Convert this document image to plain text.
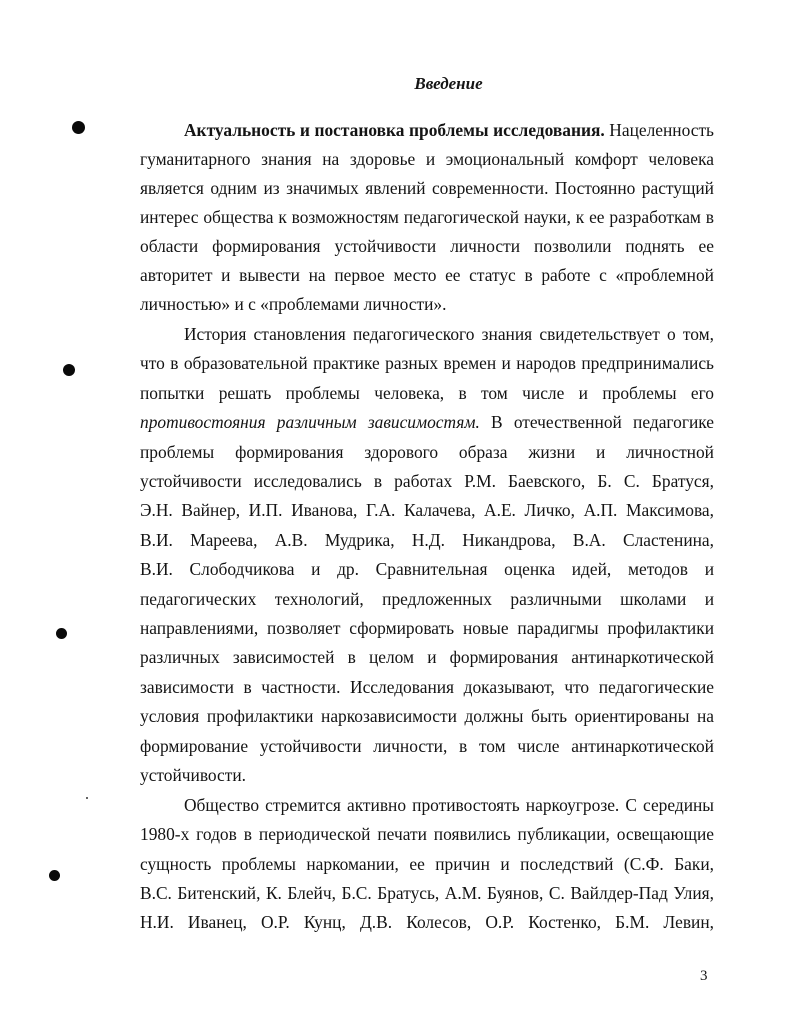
Введение
Актуальность и постановка проблемы исследования. Нацеленность
гуманитарного знания на здоровье и эмоциональный комфорт человека
является одним из значимых явлений современности. Постоянно растущий
интерес общества к возможностям педагогической науки, к ее разработкам в
области формирования устойчивости личности позволили поднять ее
авторитет и вывести на первое место ее статус в работе с «проблемной
личностью» и с «проблемами личности».
История становления педагогического знания свидетельствует о том,
что в образовательной практике разных времен и народов предпринимались
попытки решать проблемы человека, в том числе и проблемы его
противостояния различным зависимостям. В отечественной педагогике
проблемы формирования здорового образа жизни и личностной
устойчивости исследовались в работах Р.М. Баевского, Б. С. Братуся,
Э.Н. Вайнер, И.П. Иванова, Г.А. Калачева, А.Е. Личко, А.П. Максимова,
В.И. Мареева, А.В. Мудрика, Н.Д. Никандрова, В.А. Сластенина,
В.И. Слободчикова и др. Сравнительная оценка идей, методов и
педагогических технологий, предложенных различными школами и
направлениями, позволяет сформировать новые парадигмы профилактики
различных зависимостей в целом и формирования антинаркотической
зависимости в частности. Исследования доказывают, что педагогические
условия профилактики наркозависимости должны быть ориентированы на
формирование устойчивости личности, в том числе антинаркотической
устойчивости.
Общество стремится активно противостоять наркоугрозе. С середины
1980-х годов в периодической печати появились публикации, освещающие
сущность проблемы наркомании, ее причин и последствий (С.Ф. Баки,
В.С. Битенский, К. Блейч, Б.С. Братусь, А.М. Буянов, С. Вайлдер-Пад Улия,
Н.И. Иванец, О.Р. Кунц, Д.В. Колесов, О.Р. Костенко, Б.М. Левин,
3
